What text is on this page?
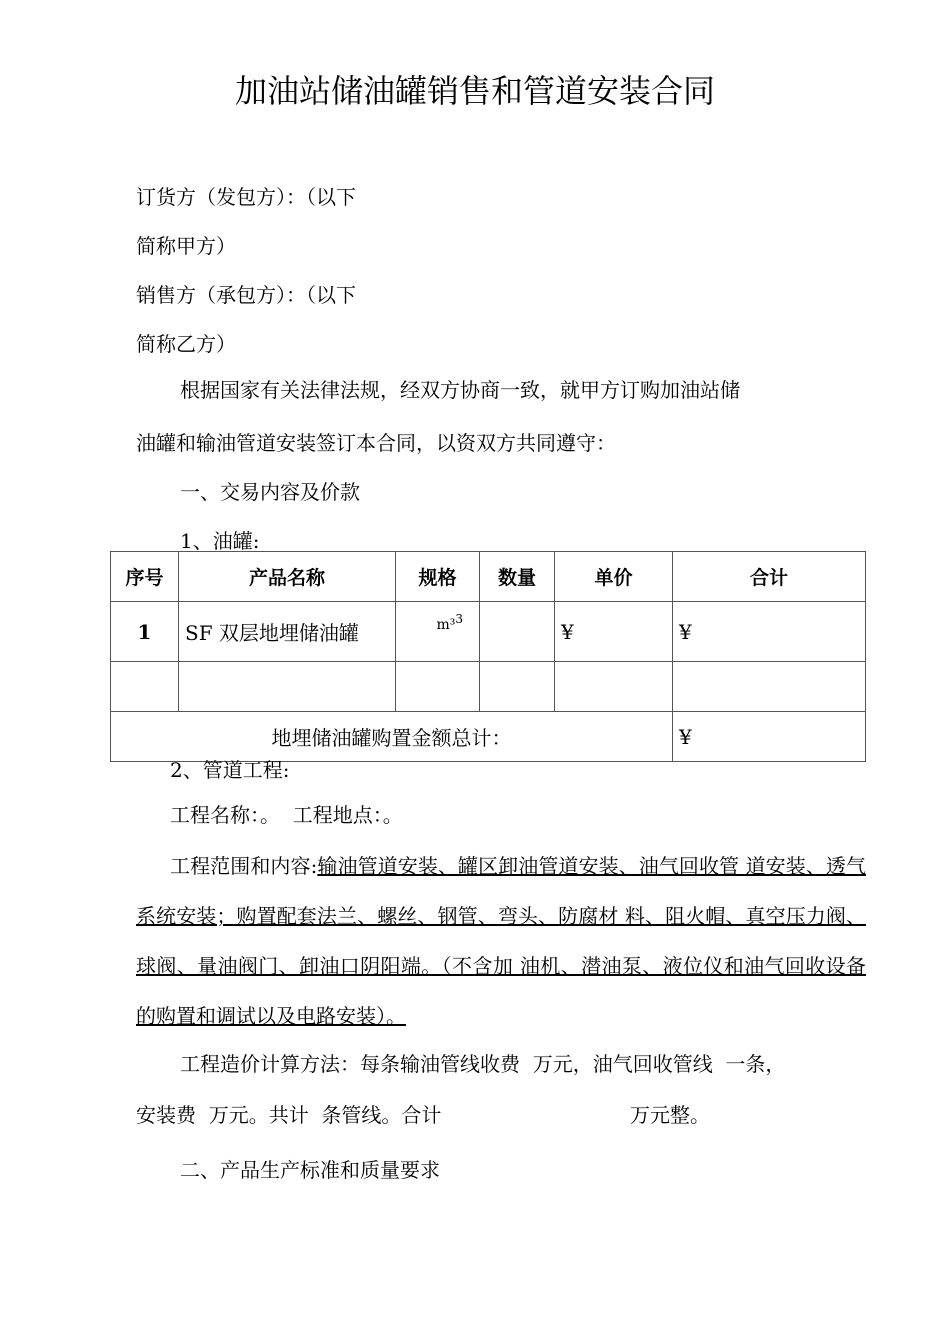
加油站储油罐销售和管道安装合同
订货方（发包方）：（以下
简称甲方）
销售方（承包方）：（以下
简称乙方）
根据国家有关法律法规，经双方协商一致，就甲方订购加油站储
油罐和输油管道安装签订本合同，以资双方共同遵守：
一、交易内容及价款
1、油罐:
序号	产品名称	规格	数量	单价	合计
1	SF 双层地埋储油罐	m³3		¥	¥

地埋储油罐购置金额总计：					¥
2、管道工程:
工程名称：。  工程地点：。
工程范围和内容:输油管道安装、罐区卸油管道安装、油气回收管 道安装、透气系统安装；购置配套法兰、螺丝、钢管、弯头、防腐材 料、阻火帽、真空压力阀、球阀、量油阀门、卸油口阴阳端。（不含加 油机、潜油泵、液位仪和油气回收设备的购置和调试以及电路安装）。
工程造价计算方法：每条输油管线收费  万元，油气回收管线  一条，
安装费  万元。共计  条管线。合计	万元整。
二、产品生产标准和质量要求
